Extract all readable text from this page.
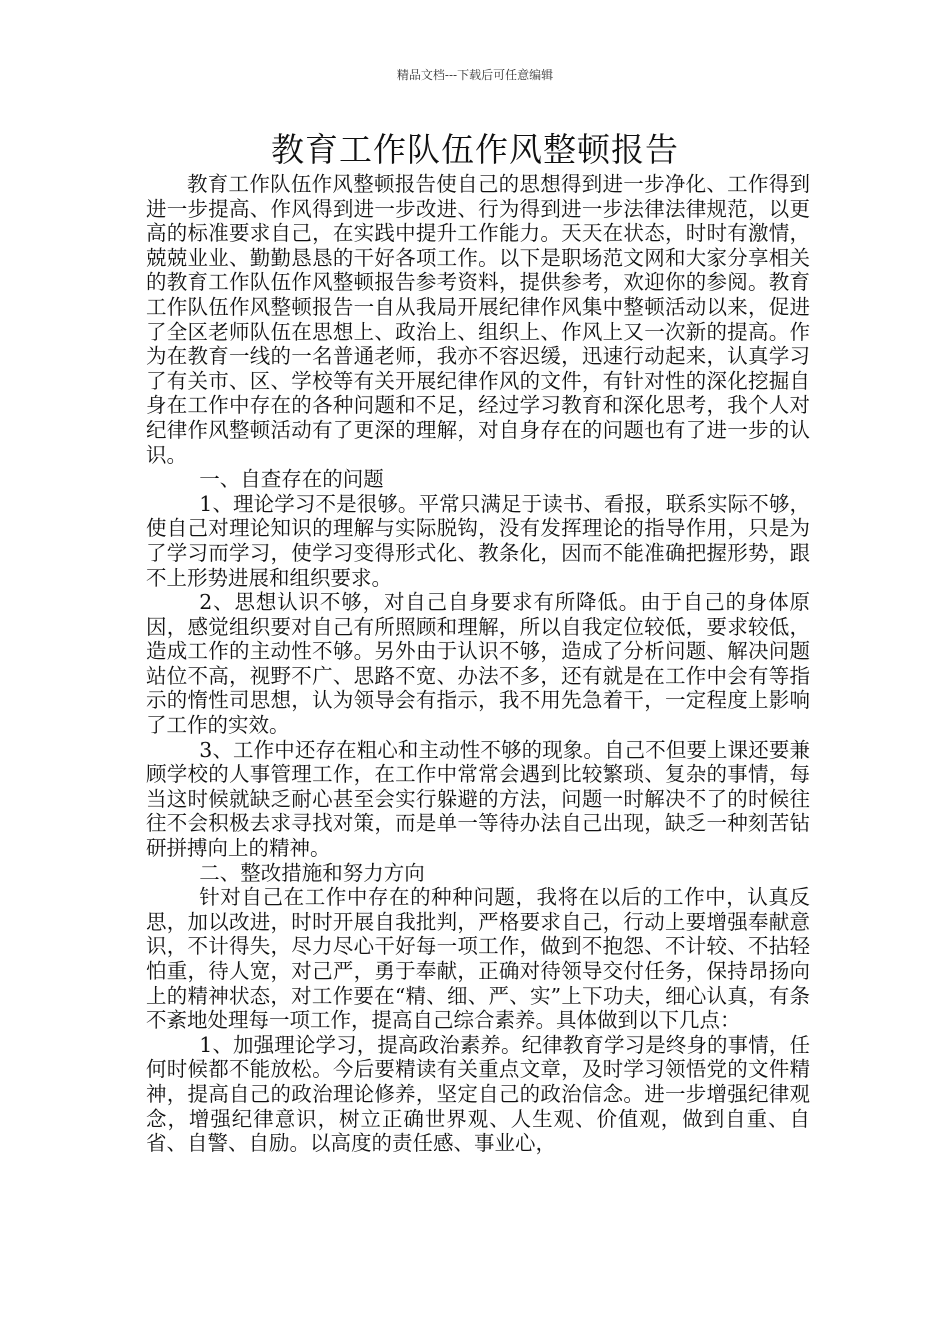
精品文档---下载后可任意编辑
教育工作队伍作风整顿报告

教育工作队伍作风整顿报告使自己的思想得到进一步净化、工作得到进一步提高、作风得到进一步改进、行为得到进一步法律法律规范，以更高的标准要求自己，在实践中提升工作能力。天天在状态，时时有激情，兢兢业业、勤勤恳恳的干好各项工作。以下是职场范文网和大家分享相关的教育工作队伍作风整顿报告参考资料，提供参考，欢迎你的参阅。教育工作队伍作风整顿报告一自从我局开展纪律作风集中整顿活动以来，促进了全区老师队伍在思想上、政治上、组织上、作风上又一次新的提高。作为在教育一线的一名普通老师，我亦不容迟缓，迅速行动起来，认真学习了有关市、区、学校等有关开展纪律作风的文件，有针对性的深化挖掘自身在工作中存在的各种问题和不足，经过学习教育和深化思考，我个人对纪律作风整顿活动有了更深的理解，对自身存在的问题也有了进一步的认识。

一、自查存在的问题

1、理论学习不是很够。平常只满足于读书、看报，联系实际不够，使自己对理论知识的理解与实际脱钩，没有发挥理论的指导作用，只是为了学习而学习，使学习变得形式化、教条化，因而不能准确把握形势，跟不上形势进展和组织要求。

2、思想认识不够，对自己自身要求有所降低。由于自己的身体原因，感觉组织要对自己有所照顾和理解，所以自我定位较低，要求较低，造成工作的主动性不够。另外由于认识不够，造成了分析问题、解决问题站位不高，视野不广、思路不宽、办法不多，还有就是在工作中会有等指示的惰性司思想，认为领导会有指示，我不用先急着干，一定程度上影响了工作的实效。

3、工作中还存在粗心和主动性不够的现象。自己不但要上课还要兼顾学校的人事管理工作，在工作中常常会遇到比较繁琐、复杂的事情，每当这时候就缺乏耐心甚至会实行躲避的方法，问题一时解决不了的时候往往不会积极去求寻找对策，而是单一等待办法自己出现，缺乏一种刻苦钻研拼搏向上的精神。

二、整改措施和努力方向

针对自己在工作中存在的种种问题，我将在以后的工作中，认真反思，加以改进，时时开展自我批判，严格要求自己，行动上要增强奉献意识，不计得失，尽力尽心干好每一项工作，做到不抱怨、不计较、不拈轻怕重，待人宽，对己严，勇于奉献，正确对待领导交付任务，保持昂扬向上的精神状态，对工作要在“精、细、严、实”上下功夫，细心认真，有条不紊地处理每一项工作，提高自己综合素养。具体做到以下几点：

1、加强理论学习，提高政治素养。纪律教育学习是终身的事情，任何时候都不能放松。今后要精读有关重点文章，及时学习领悟党的文件精神，提高自己的政治理论修养，坚定自己的政治信念。进一步增强纪律观念，增强纪律意识，树立正确世界观、人生观、价值观，做到自重、自省、自警、自励。以高度的责任感、事业心，
